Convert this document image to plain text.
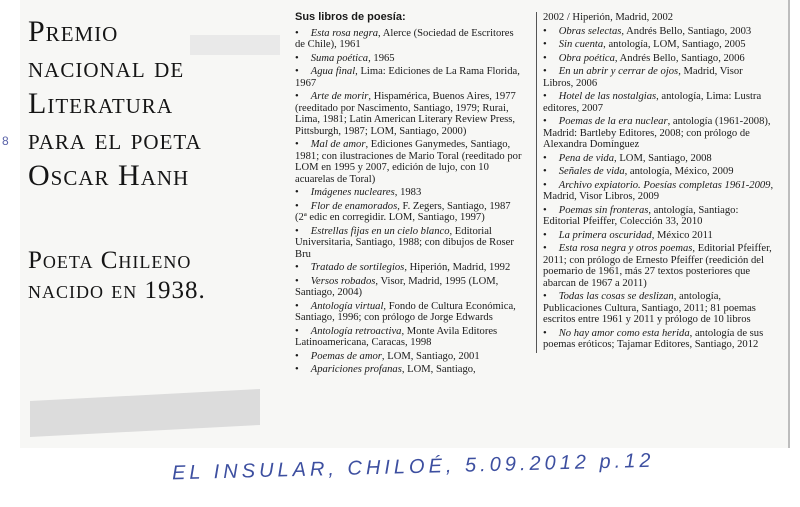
Premio
nacional de
Literatura
para el poeta
Oscar Hanh
Poeta Chileno
nacido en 1938.
Sus libros de poesía:
• Esta rosa negra, Alerce (Sociedad de Escritores de Chile), 1961
• Suma poética, 1965
• Agua final, Lima: Ediciones de La Rama Florida, 1967
• Arte de morir, Hispamérica, Buenos Aires, 1977 (reeditado por Nascimento, Santiago, 1979; Rurai, Lima, 1981; Latin American Literary Review Press, Pittsburgh, 1987; LOM, Santiago, 2000)
• Mal de amor, Ediciones Ganymedes, Santiago, 1981; con ilustraciones de Mario Toral (reeditado por LOM en 1995 y 2007, edición de lujo, con 10 acuarelas de Toral)
• Imágenes nucleares, 1983
• Flor de enamorados, F. Zegers, Santiago, 1987 (2ª edic en corregidir. LOM, Santiago, 1997)
• Estrellas fijas en un cielo blanco, Editorial Universitaria, Santiago, 1988; con dibujos de Roser Bru
• Tratado de sortilegios, Hiperión, Madrid, 1992
• Versos robados, Visor, Madrid, 1995 (LOM, Santiago, 2004)
• Antología virtual, Fondo de Cultura Económica, Santiago, 1996; con prólogo de Jorge Edwards
• Antología retroactiva, Monte Avila Editores Latinoamericana, Caracas, 1998
• Poemas de amor, LOM, Santiago, 2001
• Apariciones profanas, LOM, Santiago,
2002 / Hiperión, Madrid, 2002
• Obras selectas, Andrés Bello, Santiago, 2003
• Sin cuenta, antología, LOM, Santiago, 2005
• Obra poética, Andrés Bello, Santiago, 2006
• En un abrir y cerrar de ojos, Madrid, Visor Libros, 2006
• Hotel de las nostalgias, antología, Lima: Lustra editores, 2007
• Poemas de la era nuclear, antología (1961-2008), Madrid: Bartleby Editores, 2008; con prólogo de Alexandra Domínguez
• Pena de vida, LOM, Santiago, 2008
• Señales de vida, antología, México, 2009
• Archivo expiatorio. Poesías completas 1961-2009, Madrid, Visor Libros, 2009
• Poemas sin fronteras, antología, Santiago: Editorial Pfeiffer, Colección 33, 2010
• La primera oscuridad, México 2011
• Esta rosa negra y otros poemas, Editorial Pfeiffer, 2011; con prólogo de Ernesto Pfeiffer (reedición del poemario de 1961, más 27 textos posteriores que abarcan de 1967 a 2011)
• Todas las cosas se deslizan, antología, Publicaciones Cultura, Santiago, 2011; 81 poemas escritos entre 1961 y 2011 y prólogo de 10 libros
• No hay amor como esta herida, antología de sus poemas eróticos; Tajamar Editores, Santiago, 2012
8
EL INSULAR, CHILOÉ, 5.09.2012 p.12
